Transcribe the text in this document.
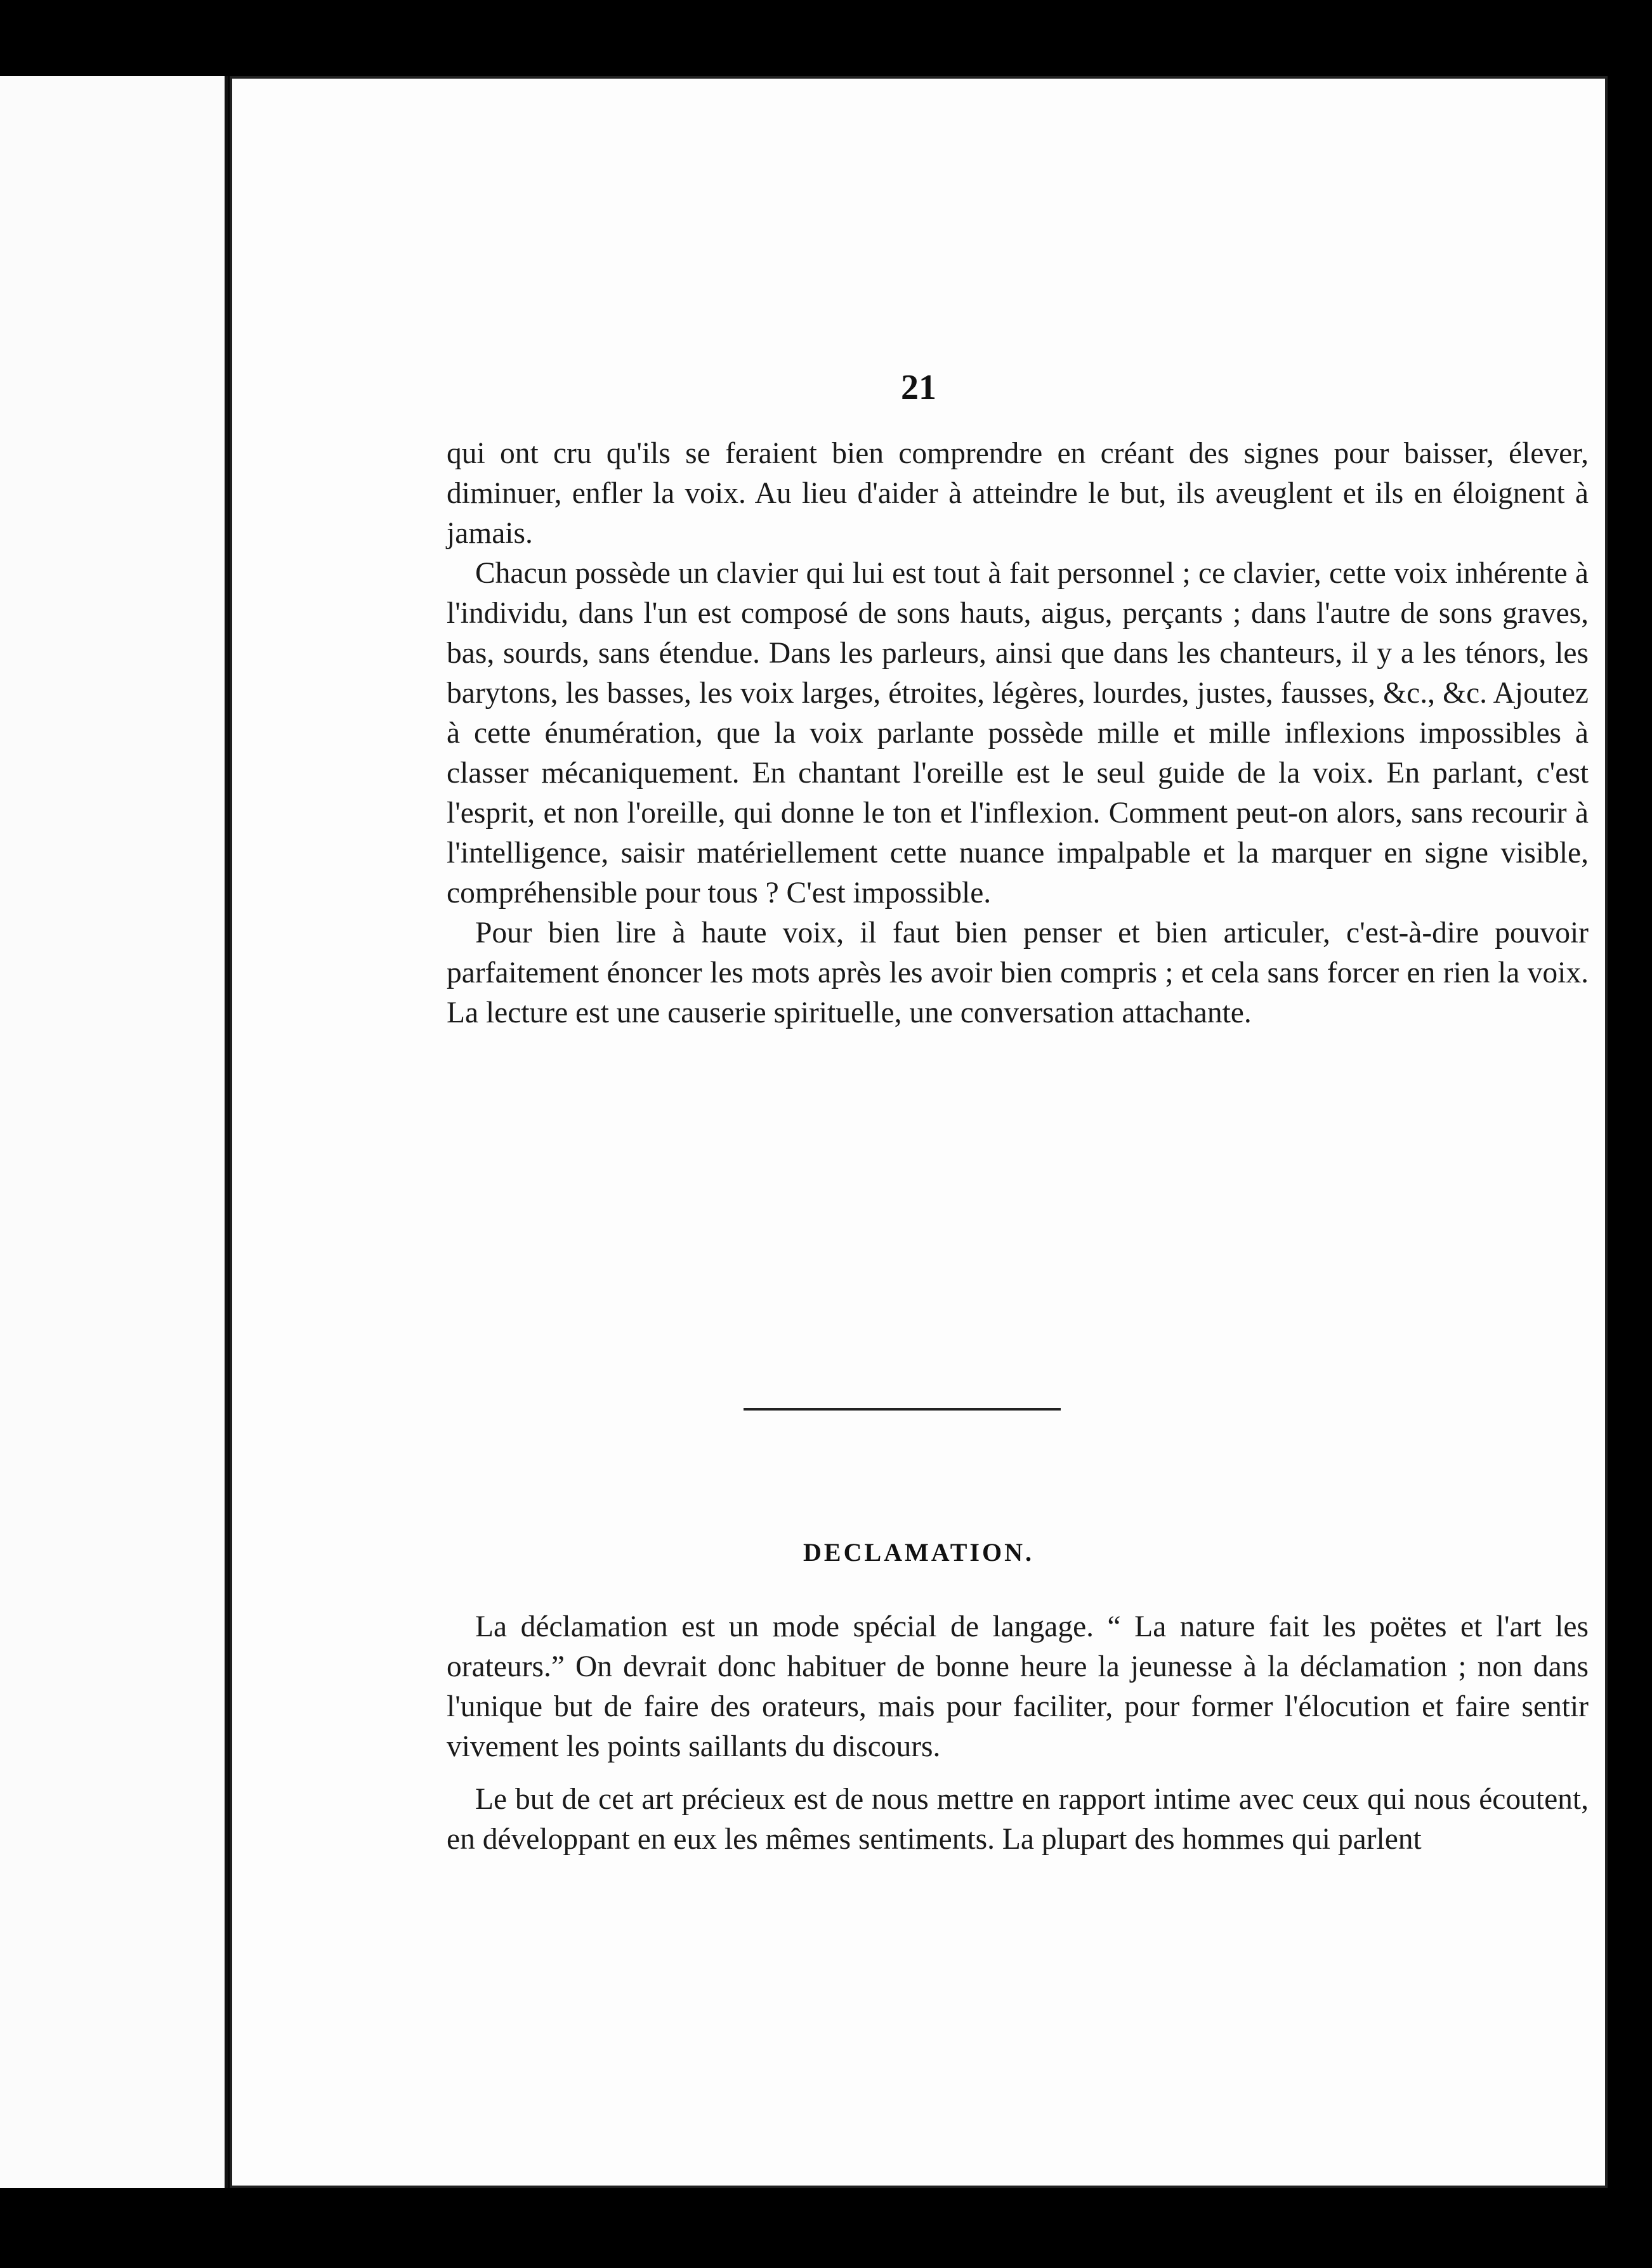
21

qui ont cru qu'ils se feraient bien comprendre en créant des signes pour baisser, élever, diminuer, enfler la voix. Au lieu d'aider à atteindre le but, ils aveuglent et ils en éloignent à jamais.

Chacun possède un clavier qui lui est tout à fait personnel ; ce clavier, cette voix inhérente à l'individu, dans l'un est composé de sons hauts, aigus, perçants ; dans l'autre de sons graves, bas, sourds, sans étendue. Dans les parleurs, ainsi que dans les chanteurs, il y a les ténors, les barytons, les basses, les voix larges, étroites, légères, lourdes, justes, fausses, &c., &c. Ajoutez à cette énumération, que la voix parlante possède mille et mille inflexions impossibles à classer mécaniquement. En chantant l'oreille est le seul guide de la voix. En parlant, c'est l'esprit, et non l'oreille, qui donne le ton et l'inflexion. Comment peut-on alors, sans recourir à l'intelligence, saisir matériellement cette nuance impalpable et la marquer en signe visible, compréhensible pour tous ? C'est impossible.

Pour bien lire à haute voix, il faut bien penser et bien articuler, c'est-à-dire pouvoir parfaitement énoncer les mots après les avoir bien compris ; et cela sans forcer en rien la voix. La lecture est une causerie spirituelle, une conversation attachante.

DECLAMATION.

La déclamation est un mode spécial de langage. “ La nature fait les poëtes et l'art les orateurs.” On devrait donc habituer de bonne heure la jeunesse à la déclamation ; non dans l'unique but de faire des orateurs, mais pour faciliter, pour former l'élocution et faire sentir vivement les points saillants du discours.

Le but de cet art précieux est de nous mettre en rapport intime avec ceux qui nous écoutent, en développant en eux les mêmes sentiments. La plupart des hommes qui parlent
